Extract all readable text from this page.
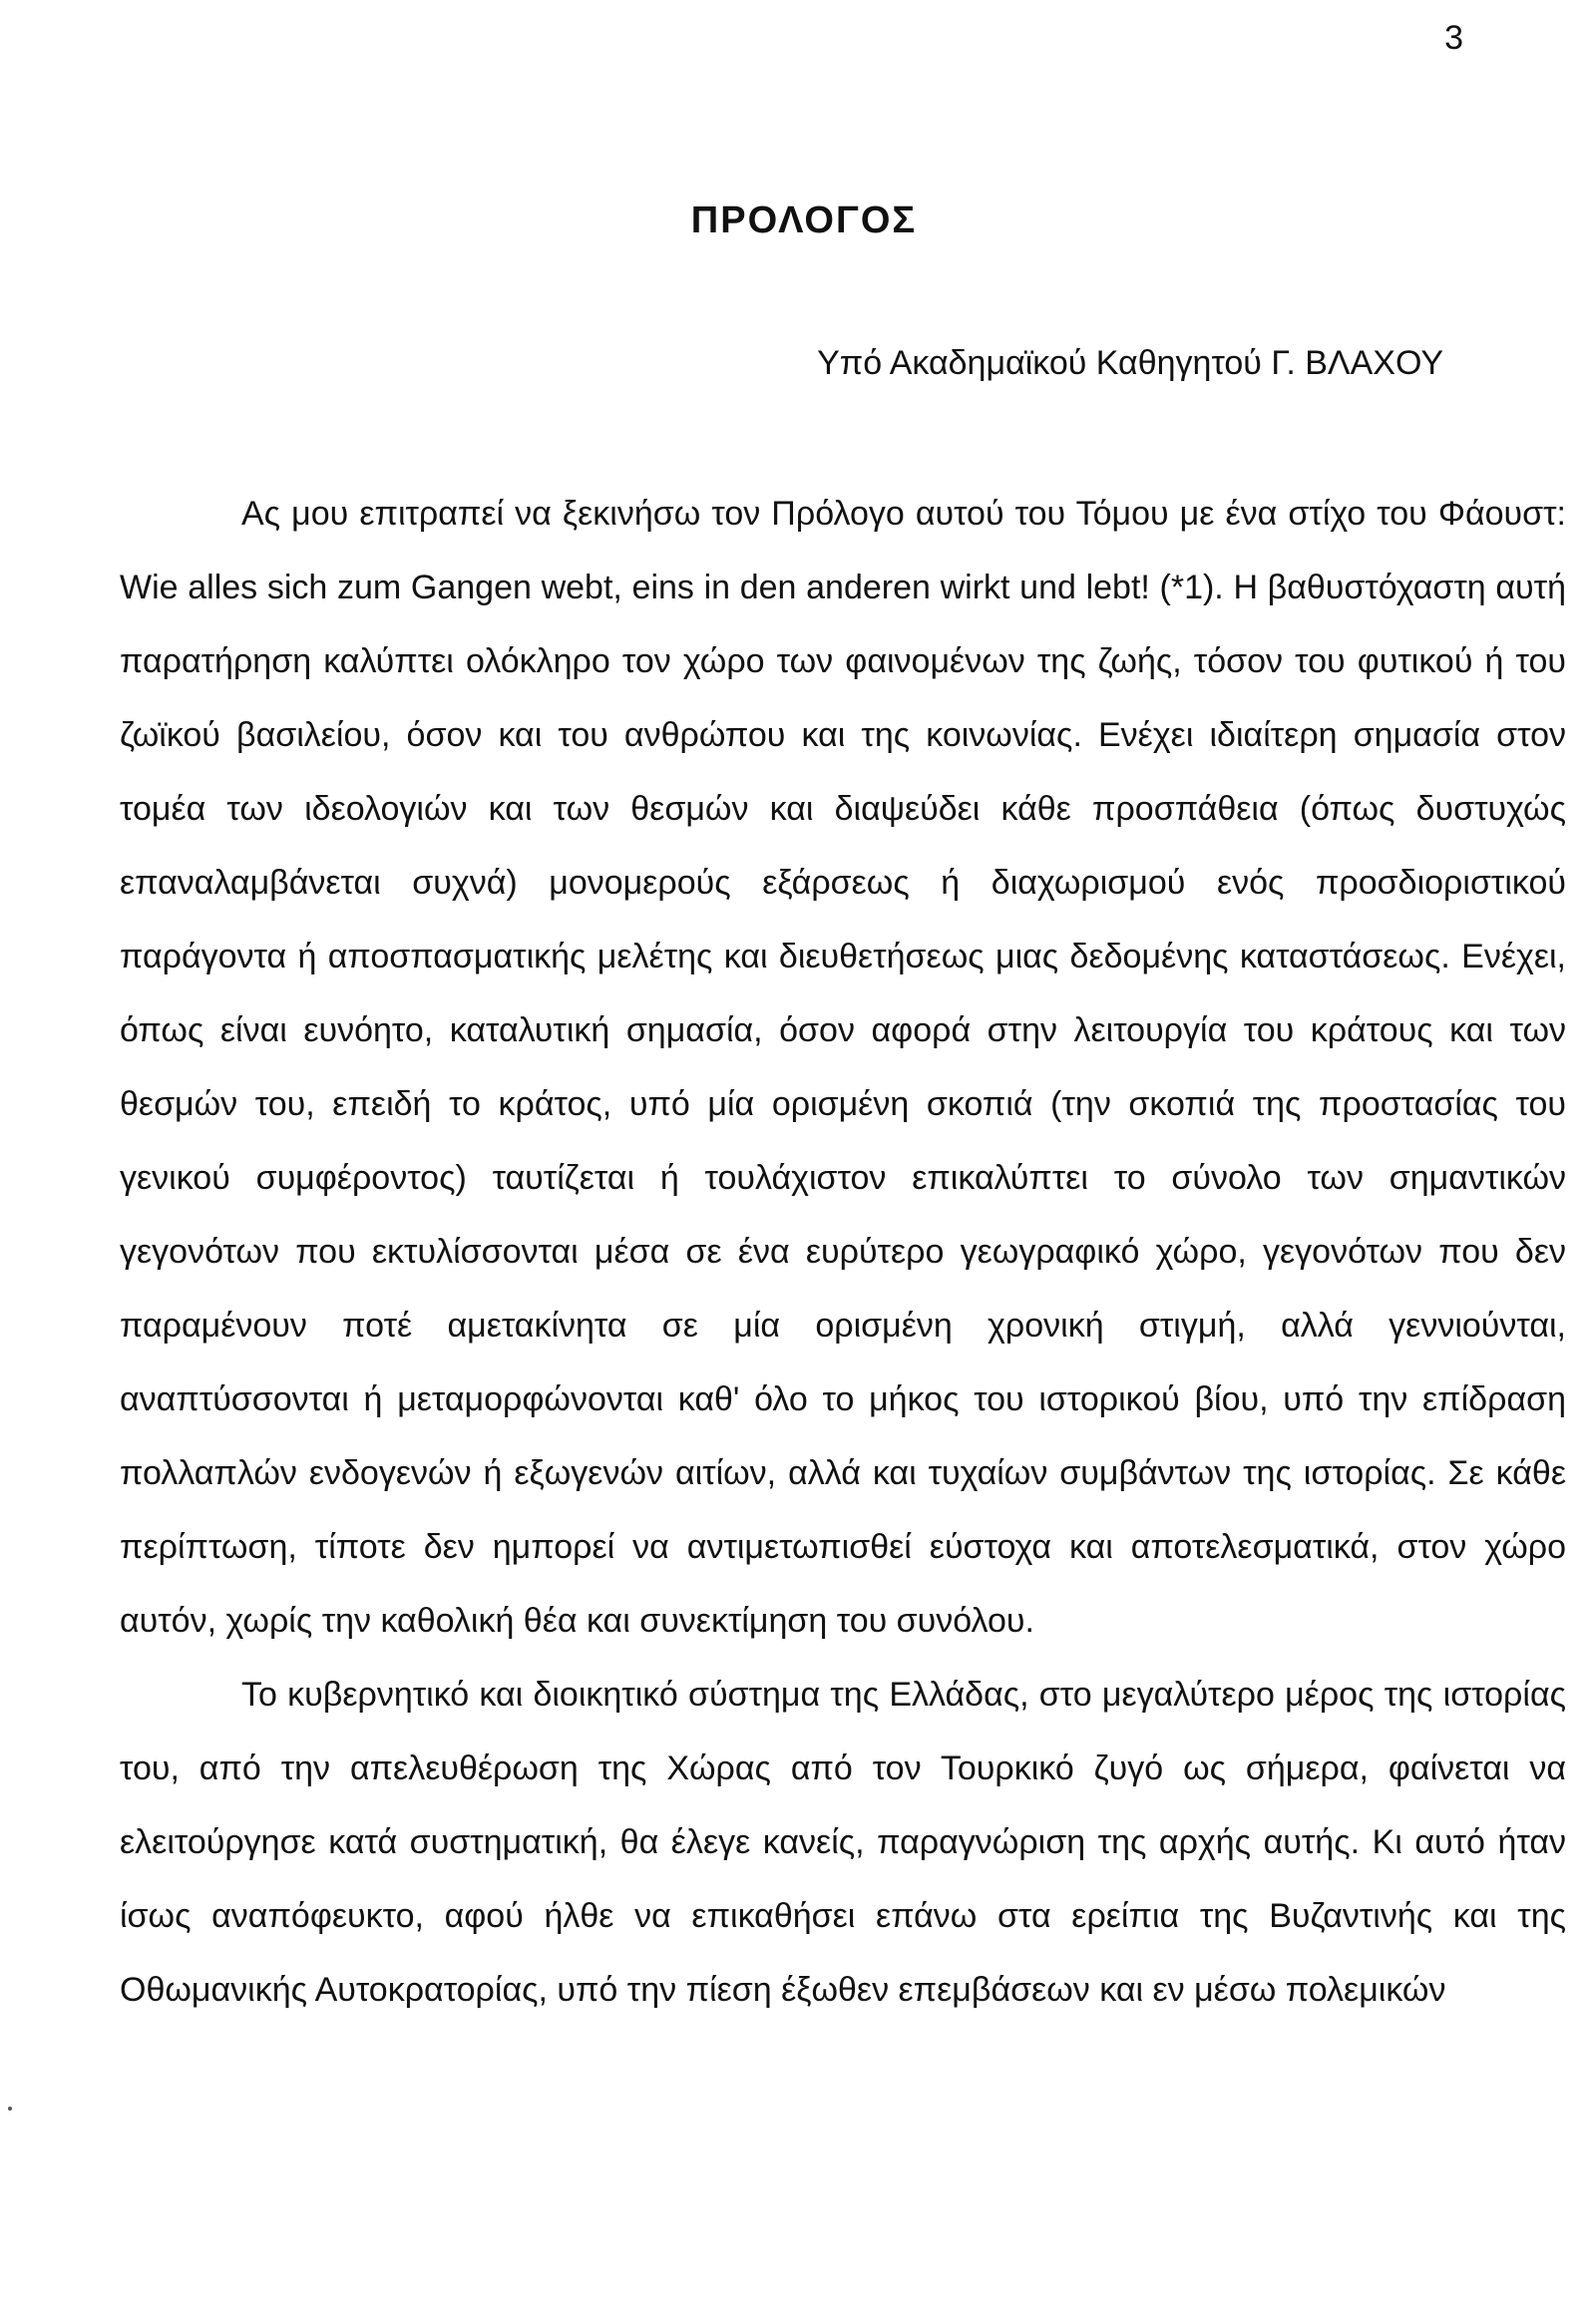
3
ΠΡΟΛΟΓΟΣ
Υπό Ακαδημαϊκού Καθηγητού Γ. ΒΛΑΧΟΥ

Ας μου επιτραπεί να ξεκινήσω τον Πρόλογο αυτού του Τόμου με ένα στίχο του Φάουστ: Wie alles sich zum Gangen webt, eins in den anderen wirkt und lebt! (*1). Η βαθυστόχαστη αυτή παρατήρηση καλύπτει ολόκληρο τον χώρο των φαινομένων της ζωής, τόσον του φυτικού ή του ζωϊκού βασιλείου, όσον και του ανθρώπου και της κοινωνίας. Ενέχει ιδιαίτερη σημασία στον τομέα των ιδεολογιών και των θεσμών και διαψεύδει κάθε προσπάθεια (όπως δυστυχώς επαναλαμβάνεται συχνά) μονομερούς εξάρσεως ή διαχωρισμού ενός προσδιοριστικού παράγοντα ή αποσπασματικής μελέτης και διευθετήσεως μιας δεδομένης καταστάσεως. Ενέχει, όπως είναι ευνόητο, καταλυτική σημασία, όσον αφορά στην λειτουργία του κράτους και των θεσμών του, επειδή το κράτος, υπό μία ορισμένη σκοπιά (την σκοπιά της προστασίας του γενικού συμφέροντος) ταυτίζεται ή τουλάχιστον επικαλύπτει το σύνολο των σημαντικών γεγονότων που εκτυλίσσονται μέσα σε ένα ευρύτερο γεωγραφικό χώρο, γεγονότων που δεν παραμένουν ποτέ αμετακίνητα σε μία ορισμένη χρονική στιγμή, αλλά γεννιούνται, αναπτύσσονται ή μεταμορφώνονται καθ' όλο το μήκος του ιστορικού βίου, υπό την επίδραση πολλαπλών ενδογενών ή εξωγενών αιτίων, αλλά και τυχαίων συμβάντων της ιστορίας. Σε κάθε περίπτωση, τίποτε δεν ημπορεί να αντιμετωπισθεί εύστοχα και αποτελεσματικά, στον χώρο αυτόν, χωρίς την καθολική θέα και συνεκτίμηση του συνόλου.

Το κυβερνητικό και διοικητικό σύστημα της Ελλάδας, στο μεγαλύτερο μέρος της ιστορίας του, από την απελευθέρωση της Χώρας από τον Τουρκικό ζυγό ως σήμερα, φαίνεται να ελειτούργησε κατά συστηματική, θα έλεγε κανείς, παραγνώριση της αρχής αυτής. Κι αυτό ήταν ίσως αναπόφευκτο, αφού ήλθε να επικαθήσει επάνω στα ερείπια της Βυζαντινής και της Οθωμανικής Αυτοκρατορίας, υπό την πίεση έξωθεν επεμβάσεων και εν μέσω πολεμικών
